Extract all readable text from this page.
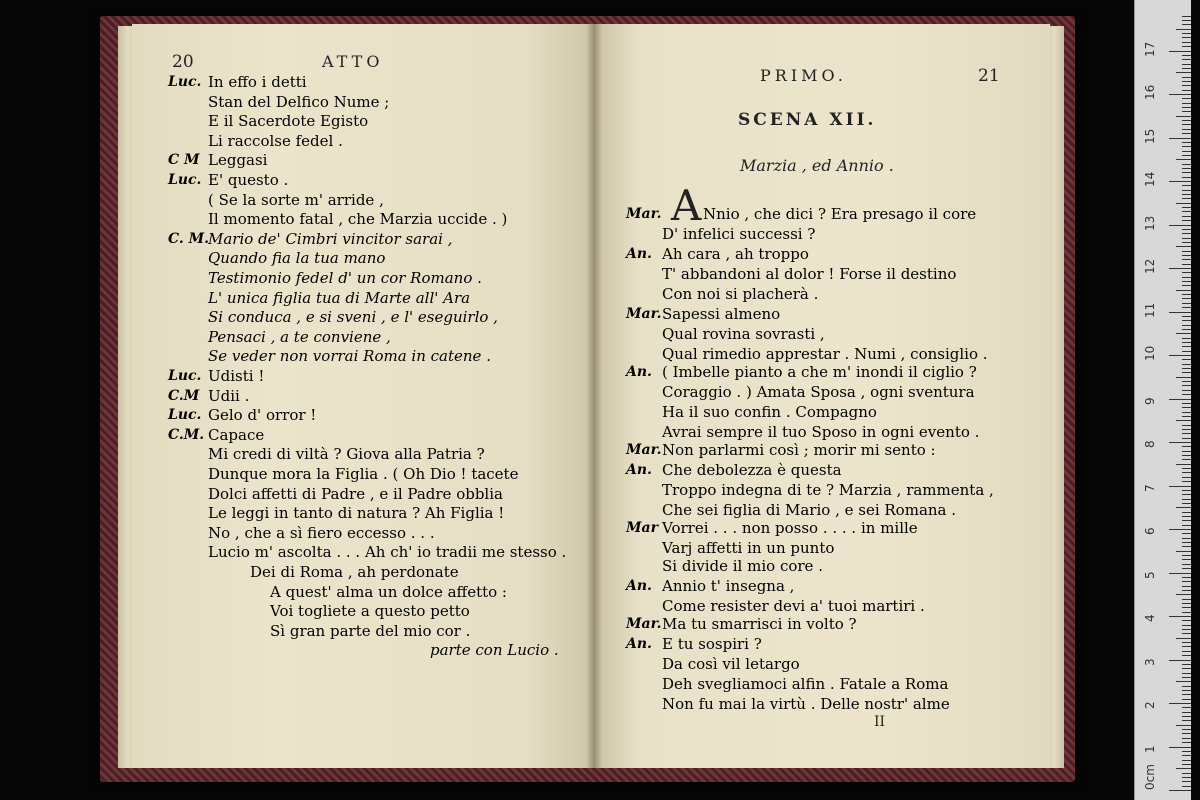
20	ATTO
PRIMO.	21
SCENA XII.
Marzia , ed Annio .
A
Luc. In effo i detti
Stan del Delfico Nume ;
E il Sacerdote Egisto
Li raccolse fedel .
C M Leggasi
Luc. E' questo .
( Se la sorte m' arride ,
Il momento fatal , che Marzia uccide . )
C. M.
Mario de' Cimbri vincitor sarai ,
Quando fia la tua mano
Testimonio fedel d' un cor Romano .
L' unica figlia tua di Marte all' Ara
Si conduca , e si sveni , e l' eseguirlo ,
Pensaci , a te conviene ,
Se veder non vorrai Roma in catene .
Luc. Udisti !
C.M Udii .
Luc. Gelo d' orror !
C.M. Capace
Mi credi di viltà ? Giova alla Patria ?
Dunque mora la Figlia . ( Oh Dio ! tacete
Dolci affetti di Padre , e il Padre obblia
Le leggi in tanto di natura ? Ah Figlia !
No , che a sì fiero eccesso . . .
Lucio m' ascolta . . . Ah ch' io tradii me stesso .
Dei di Roma , ah perdonate
A quest' alma un dolce affetto :
Voi togliete a questo petto
Sì gran parte del mio cor .
parte con Lucio .
Mar.	Nnio , che dici ? Era presago il core
D' infelici successi ?
An. Ah cara , ah troppo
T' abbandoni al dolor ! Forse il destino
Con noi si placherà .
Mar. Sapessi almeno
Qual rovina sovrasti ,
Qual rimedio apprestar . Numi , consiglio .
An. ( Imbelle pianto a che m' inondi il ciglio ?
Coraggio . ) Amata Sposa , ogni sventura
Ha il suo confin . Compagno
Avrai sempre il tuo Sposo in ogni evento .
Mar. Non parlarmi così ; morir mi sento :
An. Che debolezza è questa
Troppo indegna di te ? Marzia , rammenta ,
Che sei figlia di Mario , e sei Romana .
Mar Vorrei . . . non posso . . . . in mille
Varj affetti in un punto
Si divide il mio core .
An. Annio t' insegna ,
Come resister devi a' tuoi martiri .
Mar. Ma tu smarrisci in volto ?
An. E tu sospiri ?
Da così vil letargo
Deh svegliamoci alfin . Fatale a Roma
Non fu mai la virtù . Delle nostr' alme
II
0cm
1
2
3
4
5
6
7
8
9
10
11
12
13
14
15
16
17
